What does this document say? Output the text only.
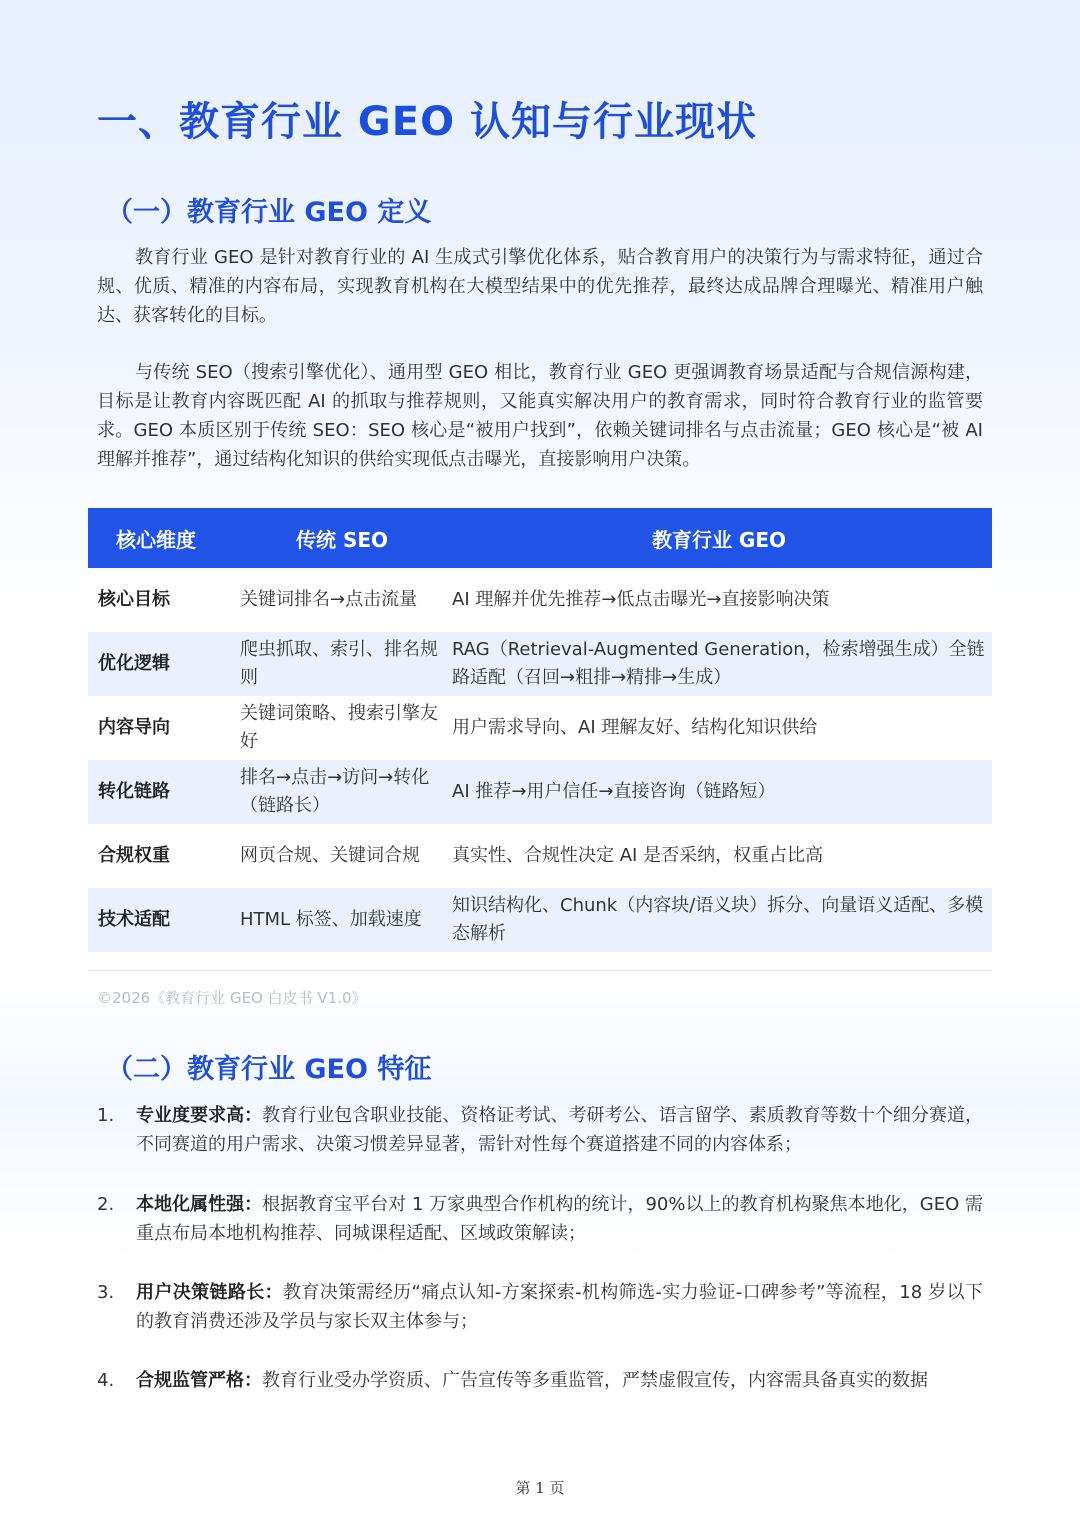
一、教育行业 GEO 认知与行业现状
（一）教育行业 GEO 定义
教育行业 GEO 是针对教育行业的 AI 生成式引擎优化体系，贴合教育用户的决策行为与需求特征，通过合规、优质、精准的内容布局，实现教育机构在大模型结果中的优先推荐，最终达成品牌合理曝光、精准用户触达、获客转化的目标。
与传统 SEO（搜索引擎优化）、通用型 GEO 相比，教育行业 GEO 更强调教育场景适配与合规信源构建，目标是让教育内容既匹配 AI 的抓取与推荐规则，又能真实解决用户的教育需求，同时符合教育行业的监管要求。GEO 本质区别于传统 SEO：SEO 核心是“被用户找到”，依赖关键词排名与点击流量；GEO 核心是“被 AI 理解并推荐”，通过结构化知识的供给实现低点击曝光，直接影响用户决策。
核心维度	传统 SEO	教育行业 GEO
核心目标	关键词排名→点击流量	AI 理解并优先推荐→低点击曝光→直接影响决策
优化逻辑	爬虫抓取、索引、排名规则	RAG（Retrieval-Augmented Generation，检索增强生成）全链路适配（召回→粗排→精排→生成）
内容导向	关键词策略、搜索引擎友好	用户需求导向、AI 理解友好、结构化知识供给
转化链路	排名→点击→访问→转化（链路长）	AI 推荐→用户信任→直接咨询（链路短）
合规权重	网页合规、关键词合规	真实性、合规性决定 AI 是否采纳，权重占比高
技术适配	HTML 标签、加载速度	知识结构化、Chunk（内容块/语义块）拆分、向量语义适配、多模态解析
©2026《教育行业 GEO 白皮书 V1.0》
（二）教育行业 GEO 特征
1. 专业度要求高：教育行业包含职业技能、资格证考试、考研考公、语言留学、素质教育等数十个细分赛道，不同赛道的用户需求、决策习惯差异显著，需针对性每个赛道搭建不同的内容体系；
2. 本地化属性强：根据教育宝平台对 1 万家典型合作机构的统计，90%以上的教育机构聚焦本地化，GEO 需重点布局本地机构推荐、同城课程适配、区域政策解读；
3. 用户决策链路长：教育决策需经历“痛点认知-方案探索-机构筛选-实力验证-口碑参考”等流程，18 岁以下的教育消费还涉及学员与家长双主体参与；
4. 合规监管严格：教育行业受办学资质、广告宣传等多重监管，严禁虚假宣传，内容需具备真实的数据
第 1 页
